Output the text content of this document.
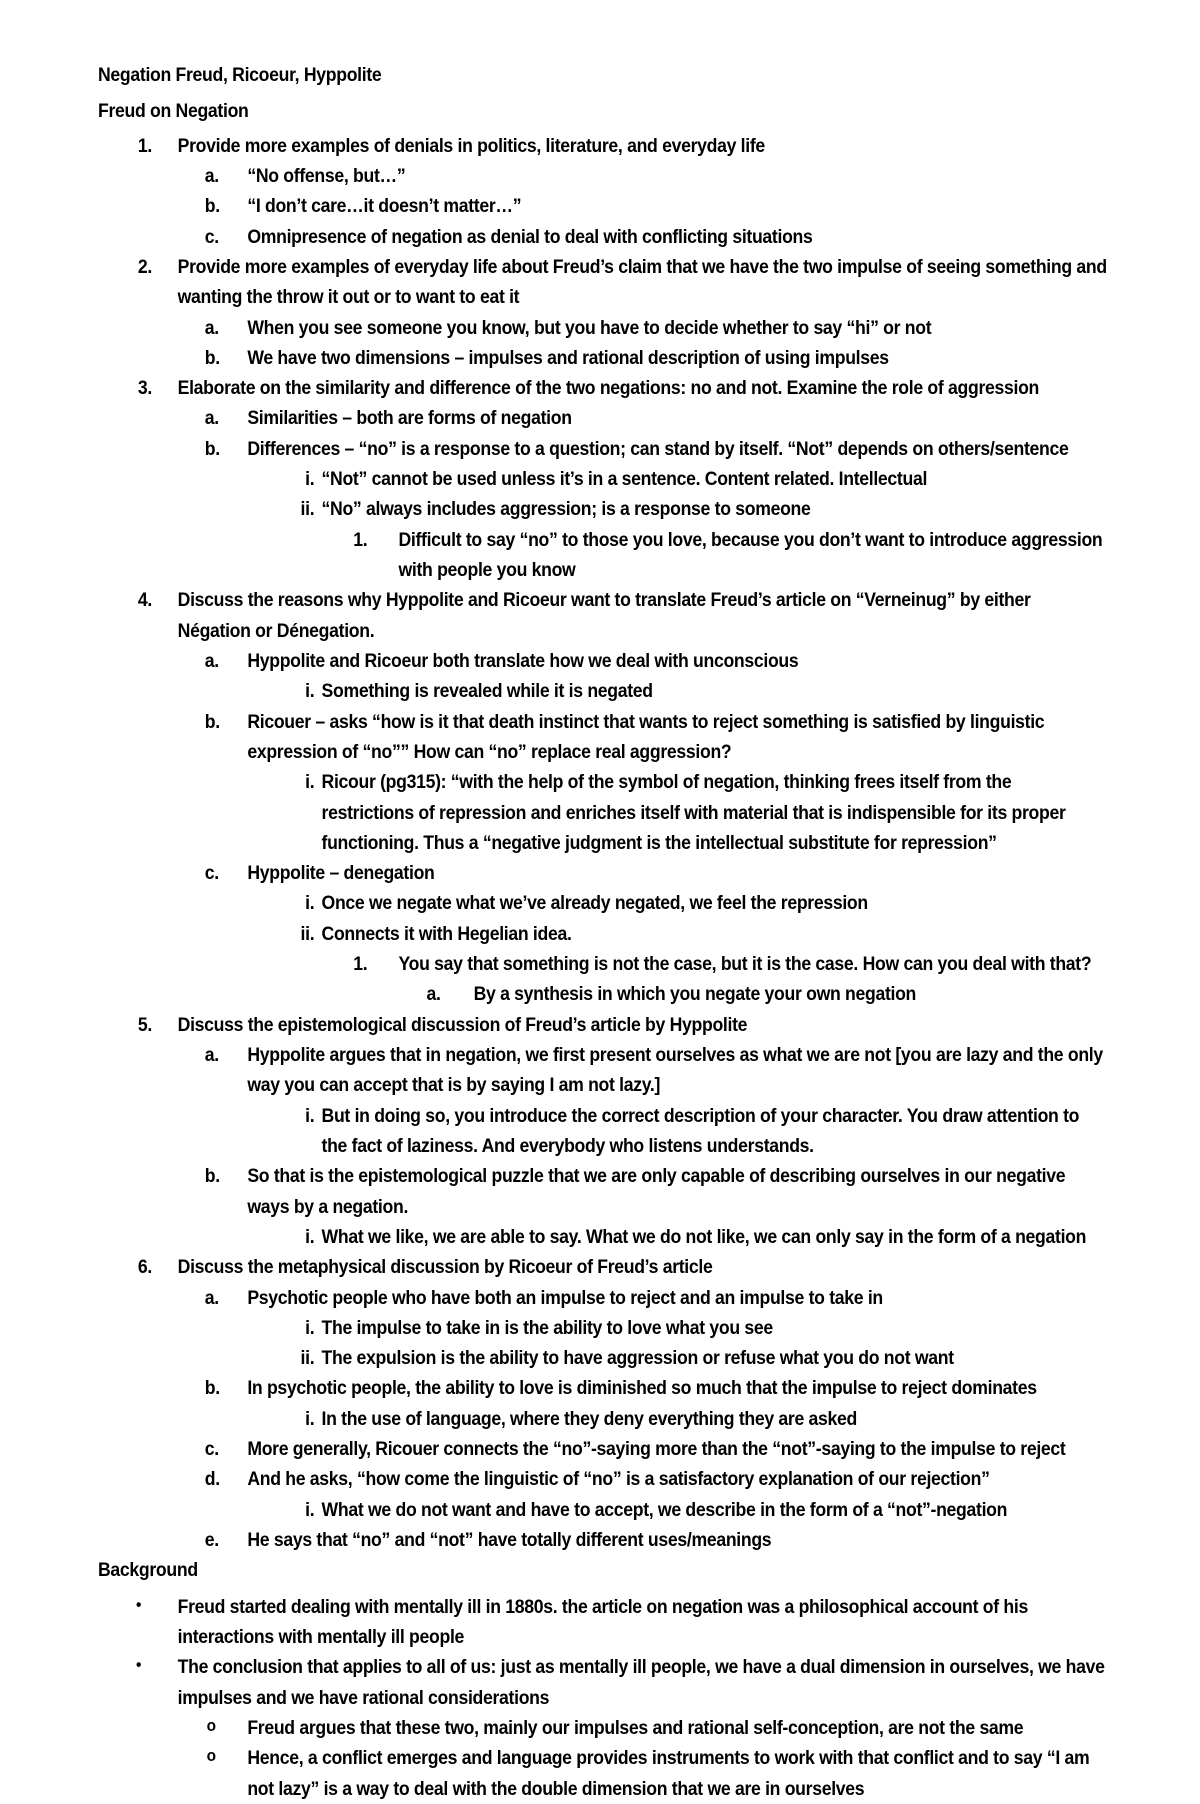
Negation Freud, Ricoeur, Hyppolite
Freud on Negation
1.	Provide more examples of denials in politics, literature, and everyday life
a.	“No offense, but…”
b.	“I don’t care…it doesn’t matter…”
c.	Omnipresence of negation as denial to deal with conflicting situations
2.	Provide more examples of everyday life about Freud’s claim that we have the two impulse of seeing something and wanting the throw it out or to want to eat it
a.	When you see someone you know, but you have to decide whether to say “hi” or not
b.	We have two dimensions – impulses and rational description of using impulses
3.	Elaborate on the similarity and difference of the two negations: no and not. Examine the role of aggression
a.	Similarities – both are forms of negation
b.	Differences – “no” is a response to a question; can stand by itself. “Not” depends on others/sentence
i. “Not” cannot be used unless it’s in a sentence. Content related. Intellectual
ii. “No” always includes aggression; is a response to someone
1.	Difficult to say “no” to those you love, because you don’t want to introduce aggression with people you know
4.	Discuss the reasons why Hyppolite and Ricoeur want to translate Freud’s article on “Verneinug” by either Négation or Dénegation.
a.	Hyppolite and Ricoeur both translate how we deal with unconscious
i. Something is revealed while it is negated
b.	Ricouer – asks “how is it that death instinct that wants to reject something is satisfied by linguistic expression of “no”” How can “no” replace real aggression?
i. Ricour (pg315): “with the help of the symbol of negation, thinking frees itself from the restrictions of repression and enriches itself with material that is indispensible for its proper functioning. Thus a “negative judgment is the intellectual substitute for repression”
c.	Hyppolite – denegation
i. Once we negate what we’ve already negated, we feel the repression
ii. Connects it with Hegelian idea.
1.	You say that something is not the case, but it is the case. How can you deal with that?
a.	By a synthesis in which you negate your own negation
5.	Discuss the epistemological discussion of Freud’s article by Hyppolite
a.	Hyppolite argues that in negation, we first present ourselves as what we are not [you are lazy and the only way you can accept that is by saying I am not lazy.]
i. But in doing so, you introduce the correct description of your character. You draw attention to the fact of laziness. And everybody who listens understands.
b.	So that is the epistemological puzzle that we are only capable of describing ourselves in our negative ways by a negation.
i. What we like, we are able to say. What we do not like, we can only say in the form of a negation
6.	Discuss the metaphysical discussion by Ricoeur of Freud’s article
a.	Psychotic people who have both an impulse to reject and an impulse to take in
i. The impulse to take in is the ability to love what you see
ii. The expulsion is the ability to have aggression or refuse what you do not want
b.	In psychotic people, the ability to love is diminished so much that the impulse to reject dominates
i. In the use of language, where they deny everything they are asked
c.	More generally, Ricouer connects the “no”-saying more than the “not”-saying to the impulse to reject
d.	And he asks, “how come the linguistic of “no” is a satisfactory explanation of our rejection”
i. What we do not want and have to accept, we describe in the form of a “not”-negation
e.	He says that “no” and “not” have totally different uses/meanings
Background
•	Freud started dealing with mentally ill in 1880s. the article on negation was a philosophical account of his interactions with mentally ill people
•	The conclusion that applies to all of us: just as mentally ill people, we have a dual dimension in ourselves, we have impulses and we have rational considerations
o	Freud argues that these two, mainly our impulses and rational self-conception, are not the same
o	Hence, a conflict emerges and language provides instruments to work with that conflict and to say “I am not lazy” is a way to deal with the double dimension that we are in ourselves
